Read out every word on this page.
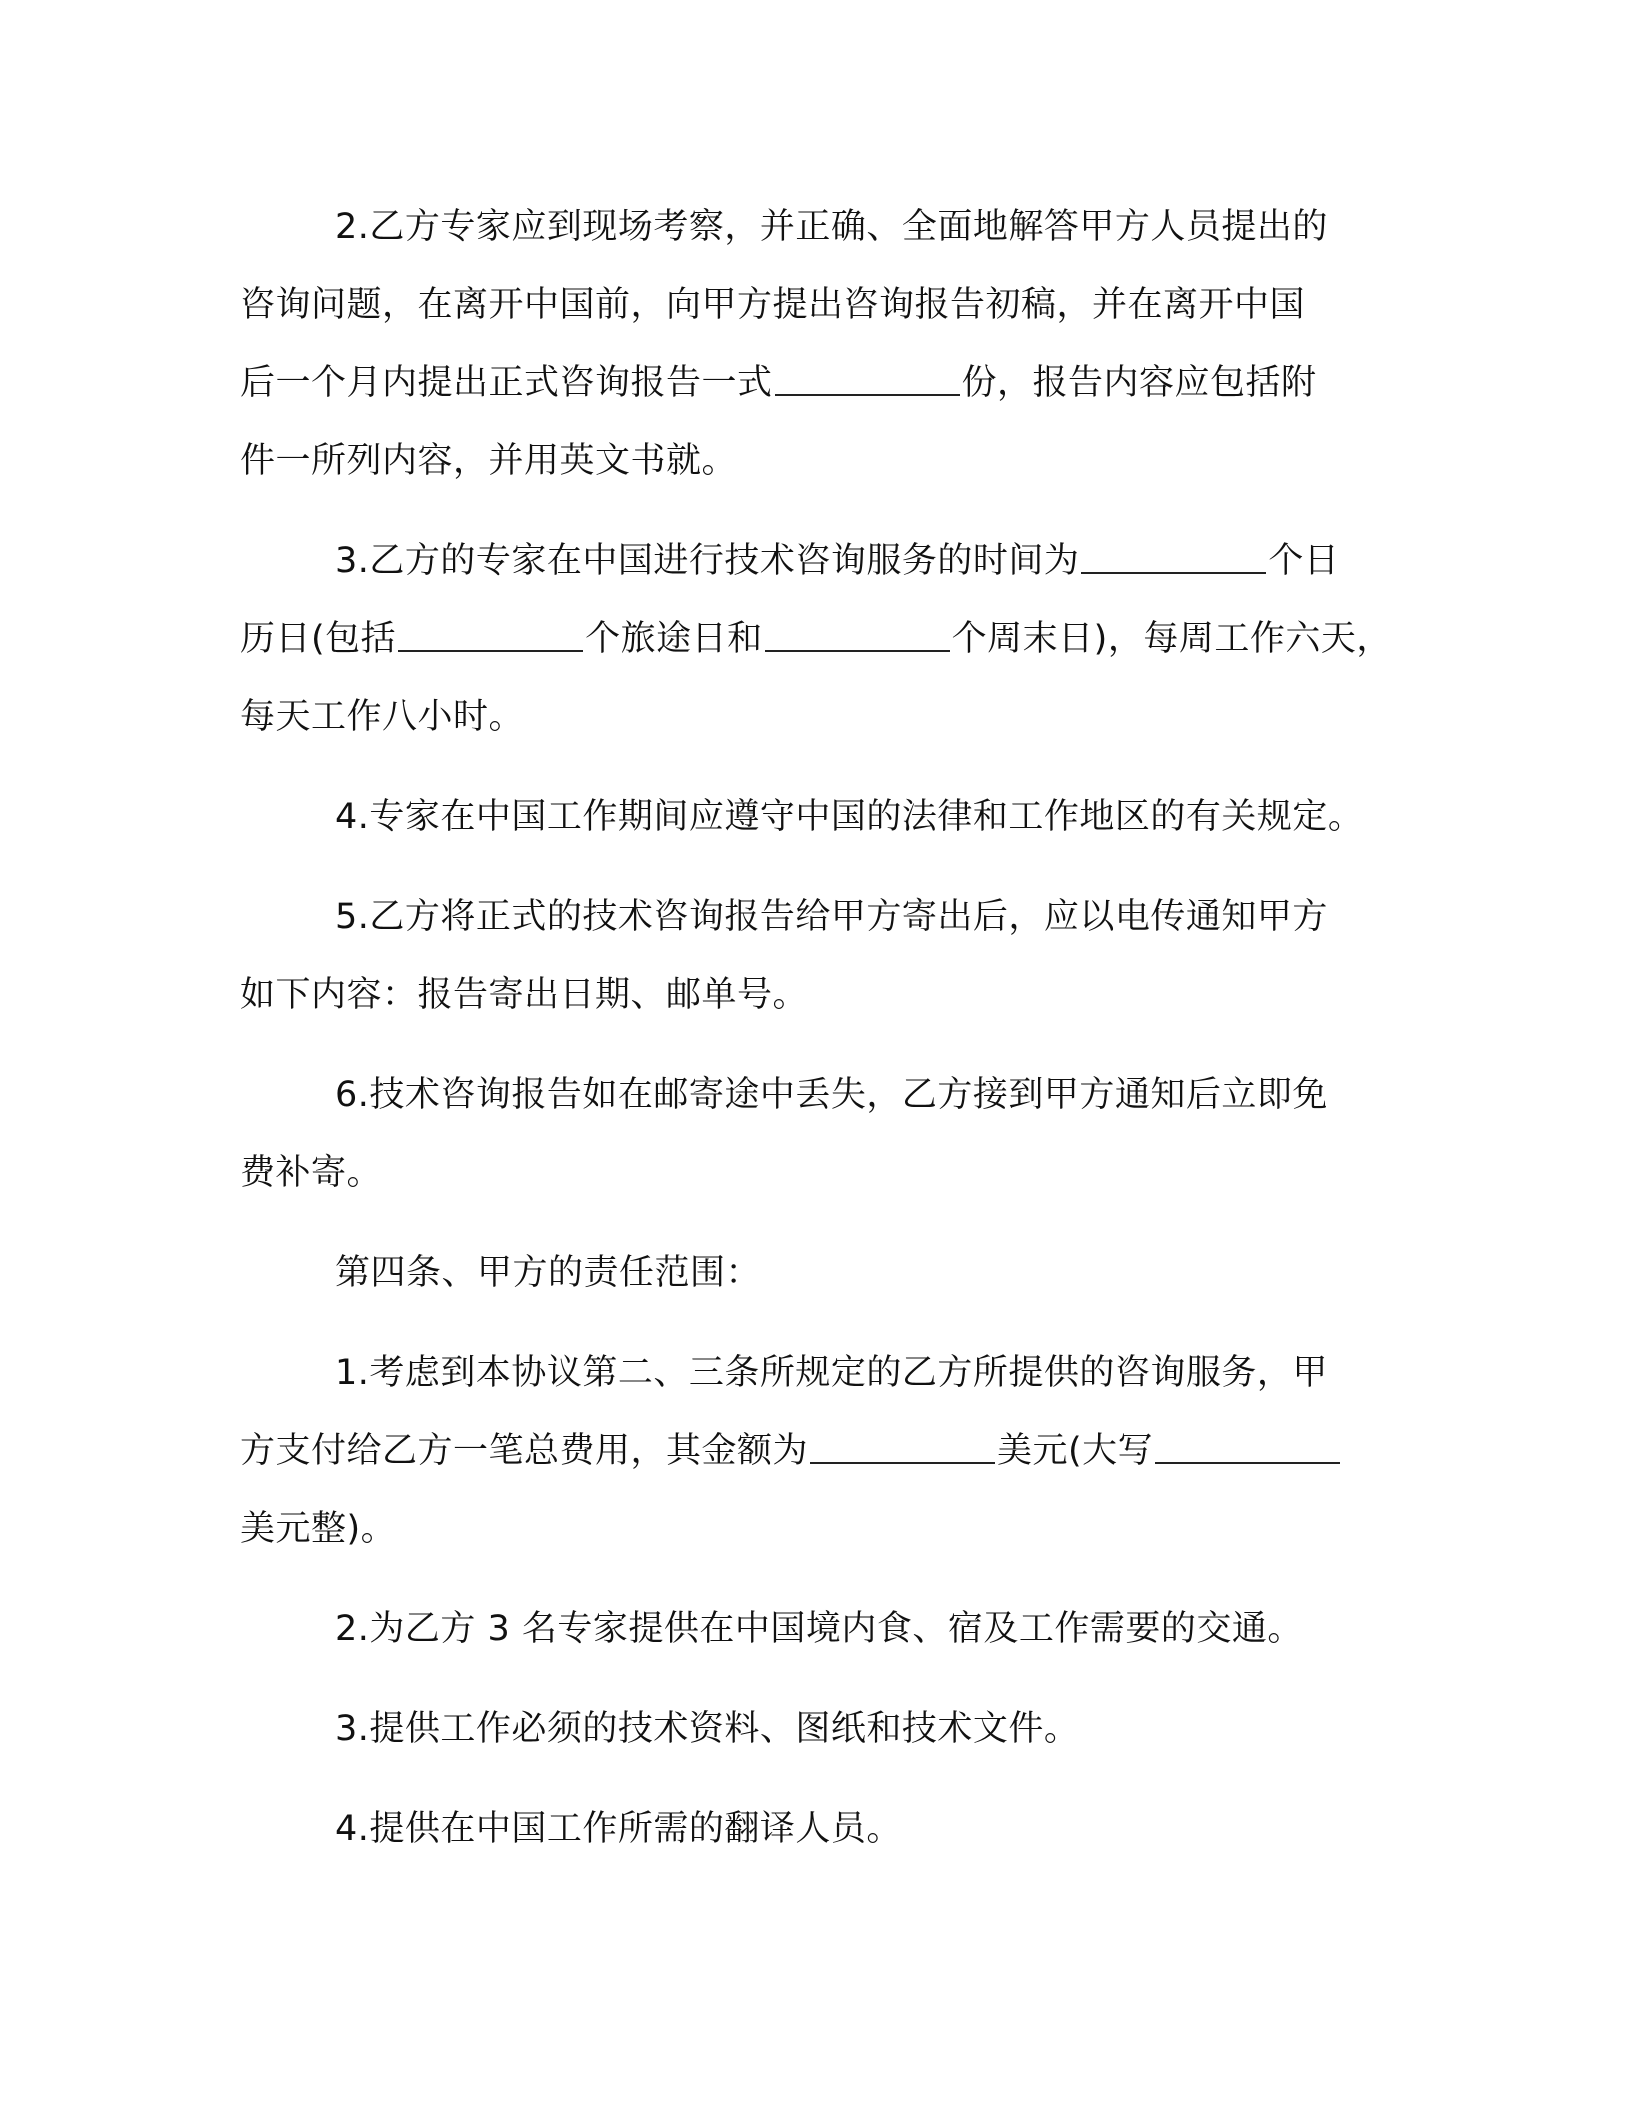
2.乙方专家应到现场考察，并正确、全面地解答甲方人员提出的
咨询问题，在离开中国前，向甲方提出咨询报告初稿，并在离开中国
后一个月内提出正式咨询报告一式	份，报告内容应包括附
件一所列内容，并用英文书就。
3.乙方的专家在中国进行技术咨询服务的时间为	个日
历日(包括	个旅途日和	个周末日)，每周工作六天，
每天工作八小时。
4.专家在中国工作期间应遵守中国的法律和工作地区的有关规定。
5.乙方将正式的技术咨询报告给甲方寄出后，应以电传通知甲方
如下内容：报告寄出日期、邮单号。
6.技术咨询报告如在邮寄途中丢失，乙方接到甲方通知后立即免
费补寄。
第四条、甲方的责任范围：
1.考虑到本协议第二、三条所规定的乙方所提供的咨询服务，甲
方支付给乙方一笔总费用，其金额为	美元(大写
美元整)。
2.为乙方 3 名专家提供在中国境内食、宿及工作需要的交通。
3.提供工作必须的技术资料、图纸和技术文件。
4.提供在中国工作所需的翻译人员。
